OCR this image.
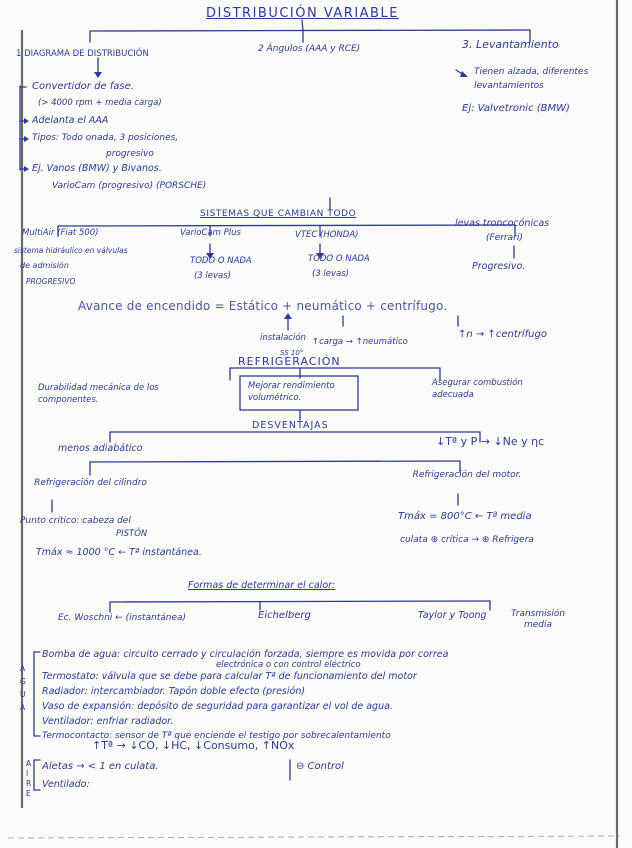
DISTRIBUCIÓN VARIABLE
1 DIAGRAMA DE DISTRIBUCIÓN	2 Ángulos (AAA y RCE)	3. Levantamiento
Convertidor de fase.
(> 4000 rpm + media carga)
Adelanta el AAA
Tipos: Todo onada, 3 posiciones,
progresivo
Ej. Vanos (BMW) y Bivanos.
VarioCam (progresivo) (PORSCHE)
Tienen alzada, diferentes
levantamientos
Ej: Valvetronic (BMW)
SISTEMAS QUE CAMBIAN TODO
MultiAir (Fiat 500)
sistema hidráulico en válvulas
de admisión
PROGRESIVO
VarioCam Plus
TODO O NADA
(3 levas)
VTEC (HONDA)
TODO O NADA
(3 levas)
levas troncocónicas
(Ferrari)
Progresivo.
Avance de encendido = Estático + neumático + centrífugo.
instalación ↑carga → ↑neumático
↑n → ↑centrífugo
SS 10°
REFRIGERACIÓN
Durabilidad mecánica de los componentes.
Mejorar rendimiento volumétrico.
Asegurar combustión adecuada
DESVENTAJAS
menos adiabático
↓Tª y P → ↓Ne y ηc
Refrigeración del cilindro
Punto crítico: cabeza del
PISTÓN
Tmáx ≈ 1000 °C ← Tª instantánea.
Refrigeración del motor.
Tmáx = 800°C ← Tª media
culata ⊕ crítica → ⊕ Refrigera
Formas de determinar el calor:
Ec. Woschni ← (instantánea)	Eichelberg	Taylor y Toong	Transmisión media
A
G
U
A
Bomba de agua: circuito cerrado y circulación forzada, siempre es movida por correa
electrónica o con control eléctrico
Termostato: válvula que se debe para calcular Tª de funcionamiento del motor
Radiador: intercambiador. Tapón doble efecto (presión)
Vaso de expansión: depósito de seguridad para garantizar el vol de agua.
Ventilador: enfriar radiador.
Termocontacto: sensor de Tª que enciende el testigo por sobrecalentamiento
↑Tª → ↓CO, ↓HC, ↓Consumo, ↑NOx
A
I
R
E
Aletas → < 1 en culata.
Ventilado:
⊖ Control
